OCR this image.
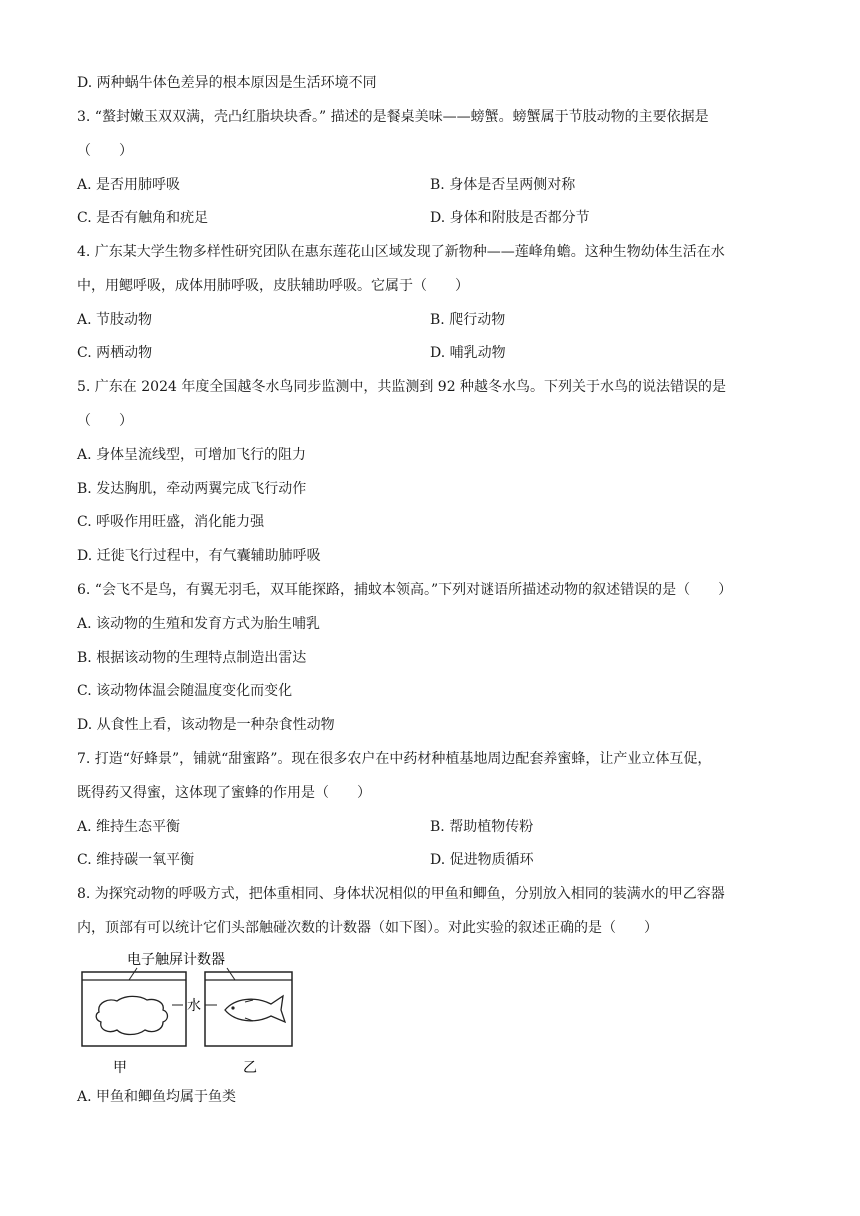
D. 两种蜗牛体色差异的根本原因是生活环境不同
3. “螯封嫩玉双双满，壳凸红脂块块香。” 描述的是餐桌美味——螃蟹。螃蟹属于节肢动物的主要依据是
（　　）
A. 是否用肺呼吸	B. 身体是否呈两侧对称
C. 是否有触角和疣足	D. 身体和附肢是否都分节
4. 广东某大学生物多样性研究团队在惠东莲花山区域发现了新物种——莲峰角蟾。这种生物幼体生活在水
中，用鳃呼吸，成体用肺呼吸，皮肤辅助呼吸。它属于（　　）
A. 节肢动物	B. 爬行动物
C. 两栖动物	D. 哺乳动物
5. 广东在 2024 年度全国越冬水鸟同步监测中，共监测到 92 种越冬水鸟。下列关于水鸟的说法错误的是
（　　）
A. 身体呈流线型，可增加飞行的阻力
B. 发达胸肌，牵动两翼完成飞行动作
C. 呼吸作用旺盛，消化能力强
D. 迁徙飞行过程中，有气囊辅助肺呼吸
6. “会飞不是鸟，有翼无羽毛，双耳能探路，捕蚊本领高。”下列对谜语所描述动物的叙述错误的是（　　）
A. 该动物的生殖和发育方式为胎生哺乳
B. 根据该动物的生理特点制造出雷达
C. 该动物体温会随温度变化而变化
D. 从食性上看，该动物是一种杂食性动物
7. 打造“好蜂景”，铺就“甜蜜路”。现在很多农户在中药材种植基地周边配套养蜜蜂，让产业立体互促，
既得药又得蜜，这体现了蜜蜂的作用是（　　）
A. 维持生态平衡	B. 帮助植物传粉
C. 维持碳一氧平衡	D. 促进物质循环
8. 为探究动物的呼吸方式，把体重相同、身体状况相似的甲鱼和鲫鱼，分别放入相同的装满水的甲乙容器
内，顶部有可以统计它们头部触碰次数的计数器（如下图）。对此实验的叙述正确的是（　　）
电子触屏计数器
水
甲	乙
A. 甲鱼和鲫鱼均属于鱼类
